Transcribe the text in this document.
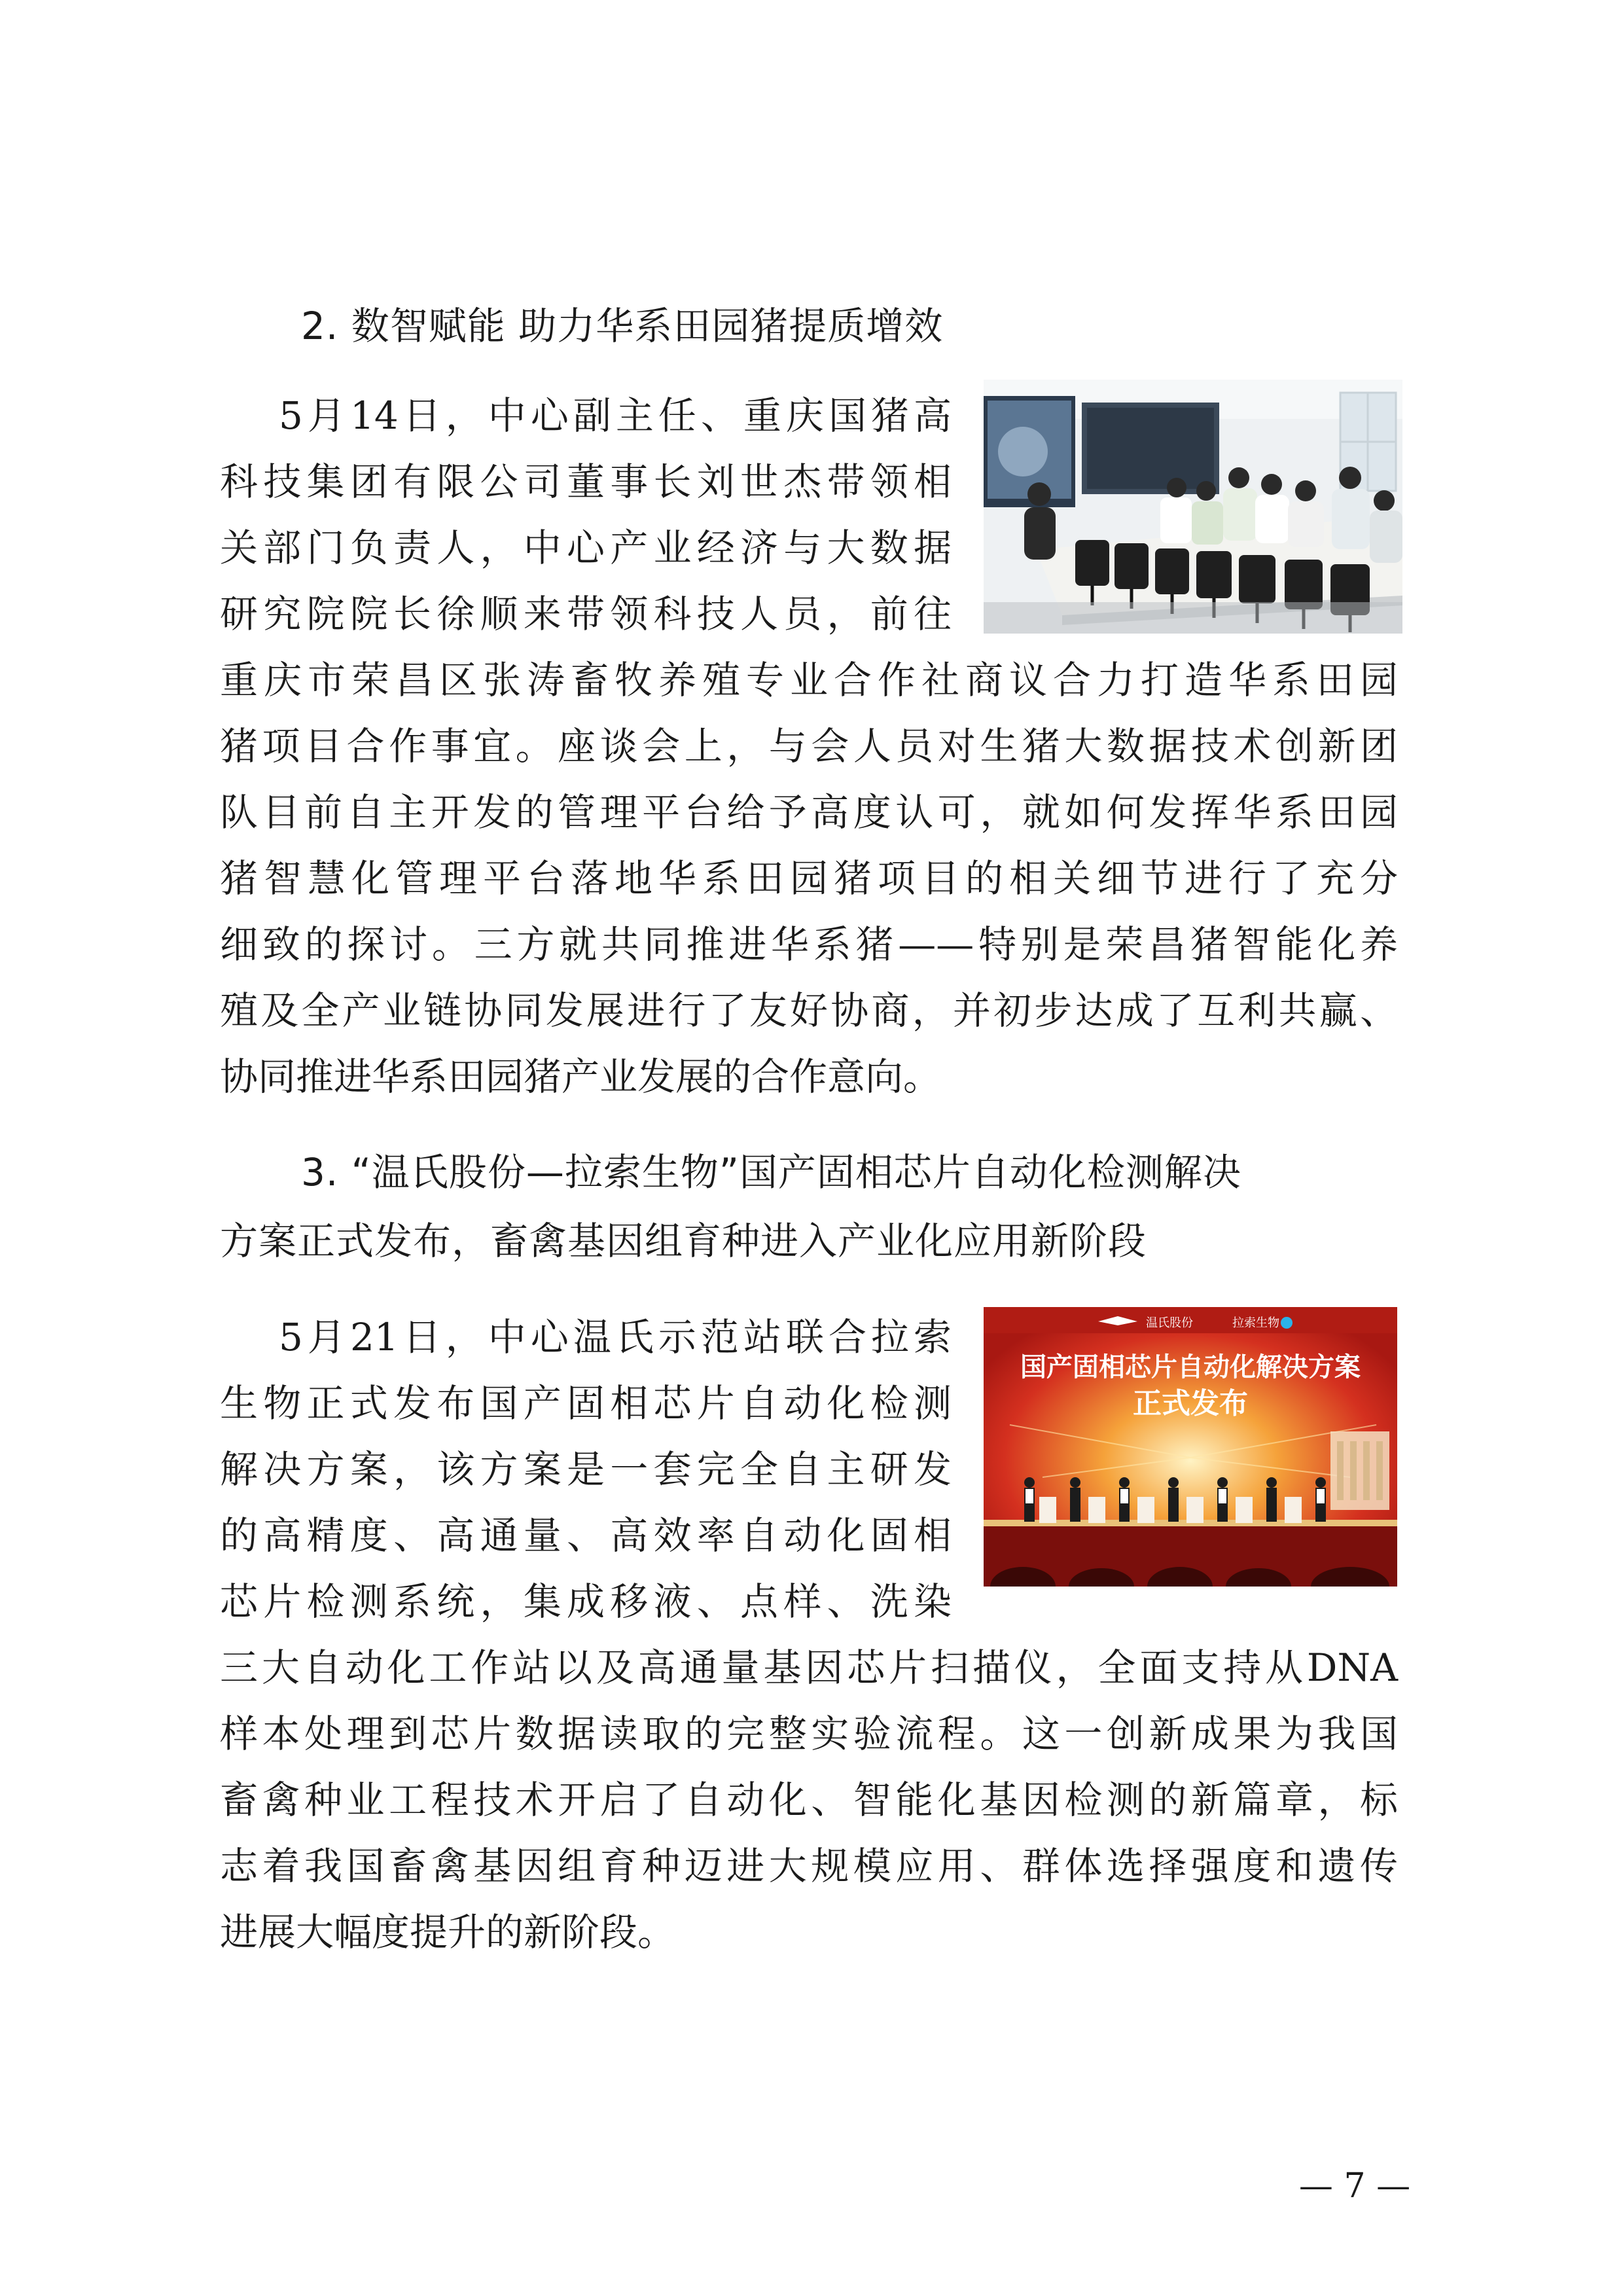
2. 数智赋能 助力华系田园猪提质增效

5月14日，中心副主任、重庆国猪高

科技集团有限公司董事长刘世杰带领相

关部门负责人，中心产业经济与大数据

研究院院长徐顺来带领科技人员，前往

重庆市荣昌区张涛畜牧养殖专业合作社商议合力打造华系田园

猪项目合作事宜。座谈会上，与会人员对生猪大数据技术创新团

队目前自主开发的管理平台给予高度认可，就如何发挥华系田园

猪智慧化管理平台落地华系田园猪项目的相关细节进行了充分

细致的探讨。三方就共同推进华系猪——特别是荣昌猪智能化养

殖及全产业链协同发展进行了友好协商，并初步达成了互利共赢、

协同推进华系田园猪产业发展的合作意向。

3. “温氏股份—拉索生物”国产固相芯片自动化检测解决
方案正式发布，畜禽基因组育种进入产业化应用新阶段

5月21日，中心温氏示范站联合拉索

生物正式发布国产固相芯片自动化检测

解决方案，该方案是一套完全自主研发

的高精度、高通量、高效率自动化固相

芯片检测系统，集成移液、点样、洗染

三大自动化工作站以及高通量基因芯片扫描仪，全面支持从DNA

样本处理到芯片数据读取的完整实验流程。这一创新成果为我国

畜禽种业工程技术开启了自动化、智能化基因检测的新篇章，标

志着我国畜禽基因组育种迈进大规模应用、群体选择强度和遗传

进展大幅度提升的新阶段。

温氏股份	拉索生物
国产固相芯片自动化解决方案
正式发布
— 7 —
